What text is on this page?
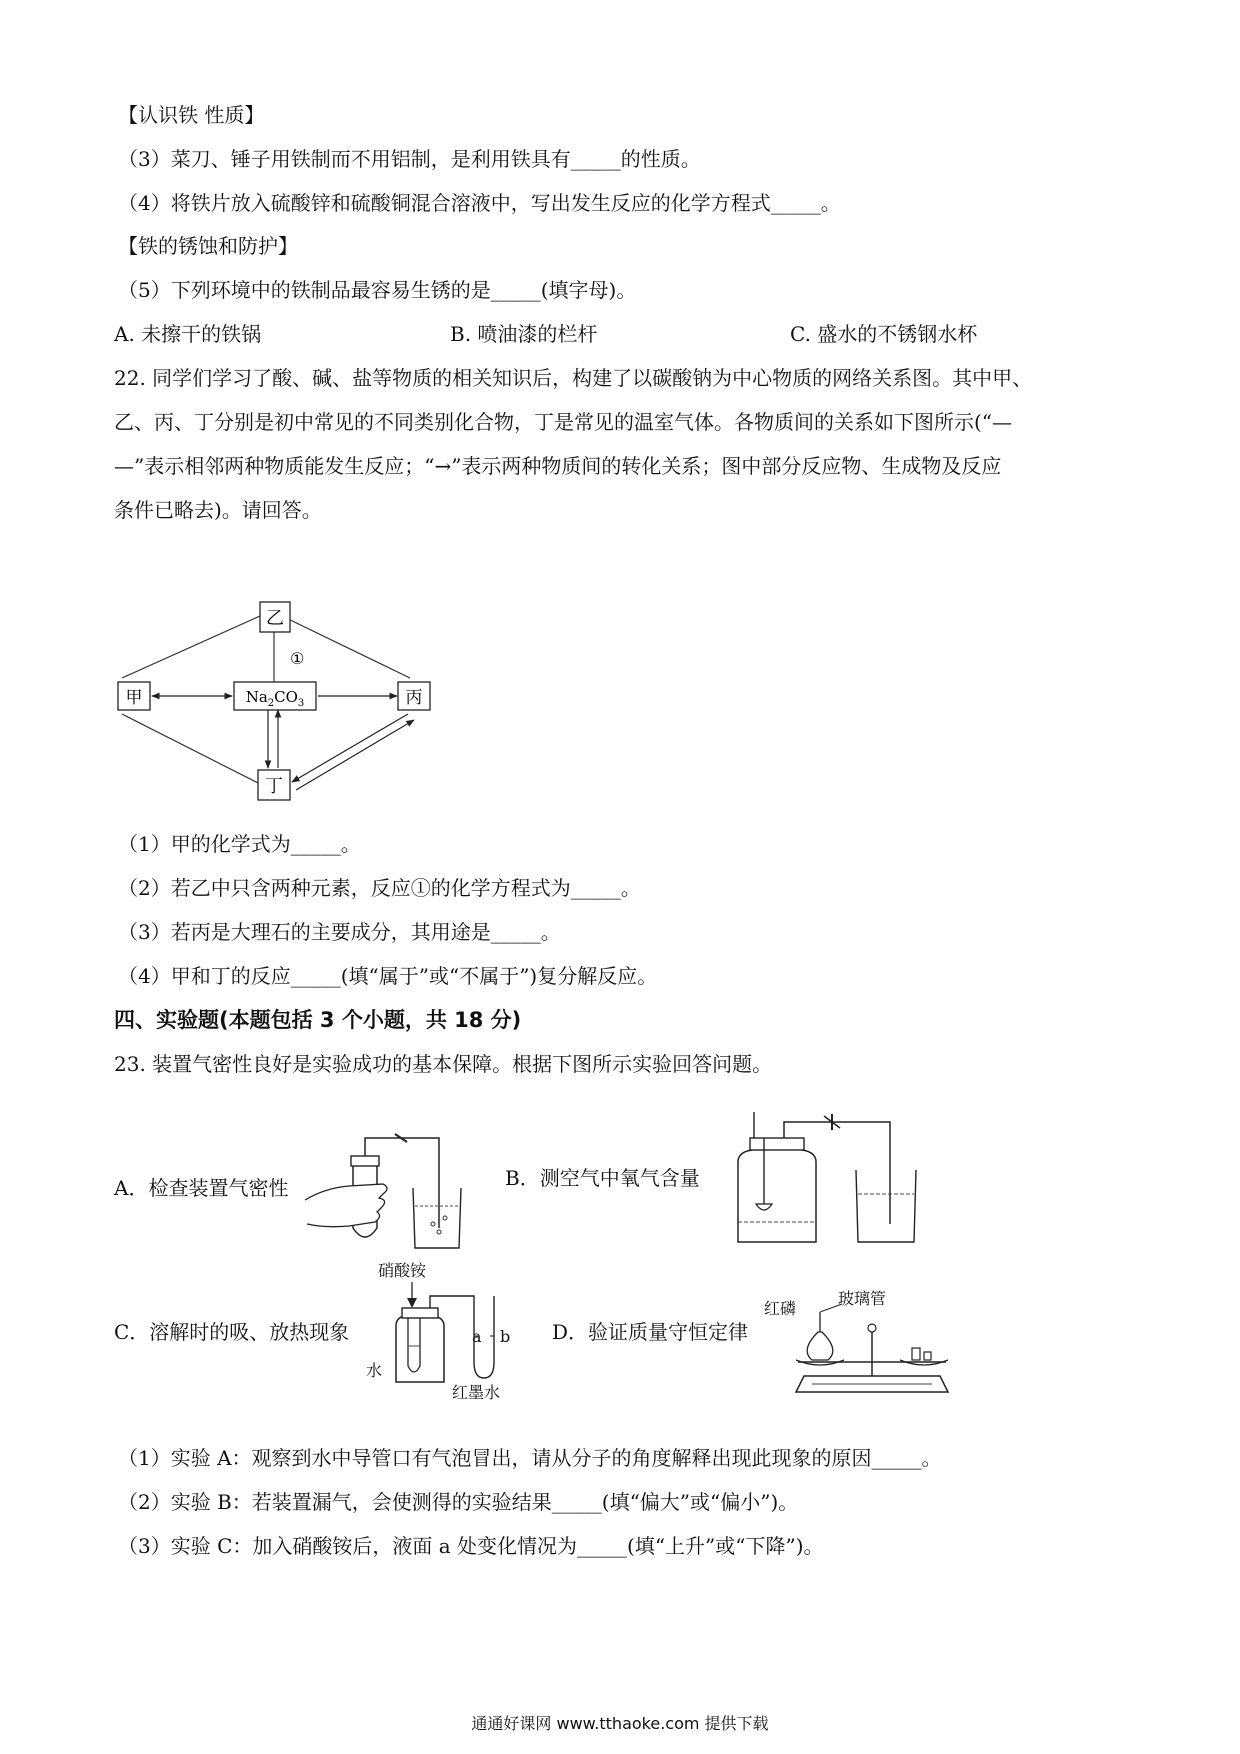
【认识铁 性质】
（3）菜刀、锤子用铁制而不用铝制，是利用铁具有_____的性质。
（4）将铁片放入硫酸锌和硫酸铜混合溶液中，写出发生反应的化学方程式_____。
【铁的锈蚀和防护】
（5）下列环境中的铁制品最容易生锈的是_____(填字母)。
A. 未擦干的铁锅	B. 喷油漆的栏杆	C. 盛水的不锈钢水杯
22. 同学们学习了酸、碱、盐等物质的相关知识后，构建了以碳酸钠为中心物质的网络关系图。其中甲、
乙、丙、丁分别是初中常见的不同类别化合物，丁是常见的温室气体。各物质间的关系如下图所示(“—
—”表示相邻两种物质能发生反应；“→”表示两种物质间的转化关系；图中部分反应物、生成物及反应
条件已略去)。请回答。
乙
甲	丙
丁
$Na_2CO_3$
①
（1）甲的化学式为_____。
（2）若乙中只含两种元素，反应①的化学方程式为_____。
（3）若丙是大理石的主要成分，其用途是_____。
（4）甲和丁的反应_____(填“属于”或“不属于”)复分解反应。
四、实验题(本题包括 3 个小题，共 18 分)
23. 装置气密性良好是实验成功的基本保障。根据下图所示实验回答问题。
A．检查装置气密性	B．测空气中氧气含量
C．溶解时的吸、放热现象
硝酸铵
水
a b
红墨水
D．验证质量守恒定律
红磷
玻璃管
（1）实验 A：观察到水中导管口有气泡冒出，请从分子的角度解释出现此现象的原因_____。
（2）实验 B：若装置漏气，会使测得的实验结果_____(填“偏大”或“偏小”)。
（3）实验 C：加入硝酸铵后，液面 a 处变化情况为_____(填“上升”或“下降”)。
通通好课网 www.tthaoke.com 提供下载
